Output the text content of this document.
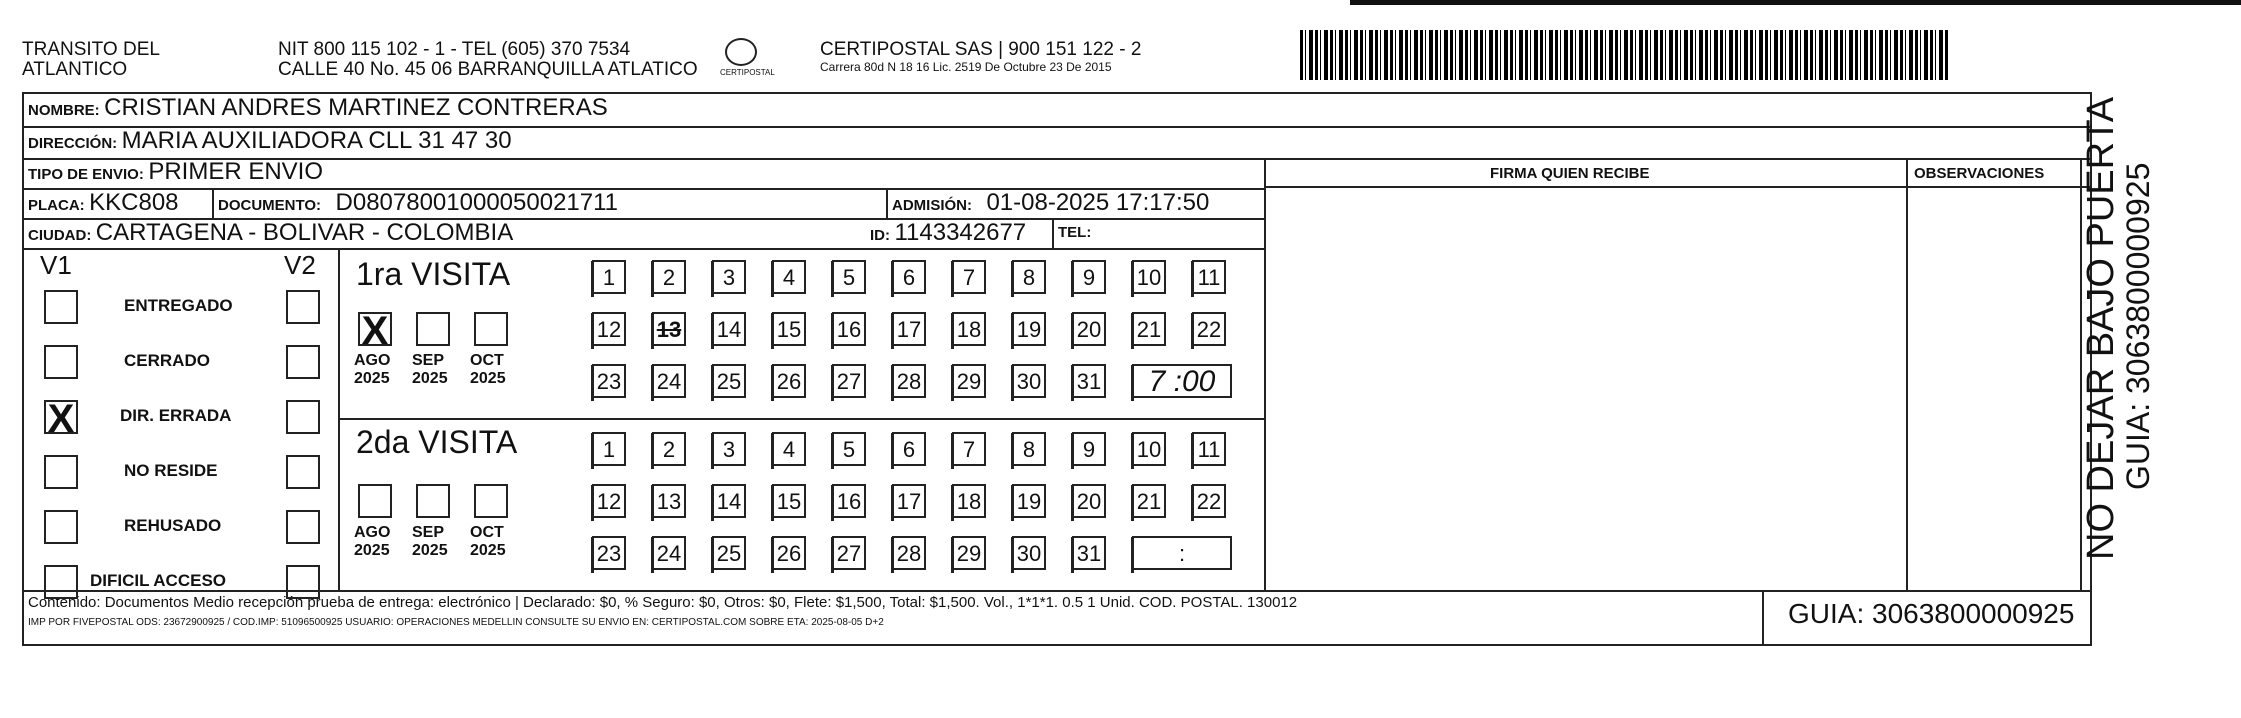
TRANSITO DEL
ATLANTICO
NIT 800 115 102 - 1 - TEL (605) 370 7534
CALLE 40 No. 45 06 BARRANQUILLA ATLATICO	CERTIPOSTAL
CERTIPOSTAL SAS | 900 151 122 - 2
Carrera 80d N 18 16 Lic. 2519 De Octubre 23 De 2015
NOMBRE: CRISTIAN ANDRES MARTINEZ CONTRERAS
DIRECCIÓN: MARIA AUXILIADORA CLL 31 47 30
TIPO DE ENVIO: PRIMER ENVIO	FIRMA QUIEN RECIBE	OBSERVACIONES
PLACA: KKC808	DOCUMENTO: D08078001000050021711	ADMISIÓN: 01-08-2025 17:17:50
CIUDAD: CARTAGENA - BOLIVAR - COLOMBIA	ID: 1143342677 TEL:
V1	V2 1ra VISITA
2da VISITA
Contenido: Documentos Medio recepción prueba de entrega: electrónico | Declarado: $0, % Seguro: $0, Otros: $0, Flete: $1,500, Total: $1,500. Vol., 1*1*1. 0.5 1 Unid. COD. POSTAL. 130012
IMP POR FIVEPOSTAL ODS: 23672900925 / COD.IMP: 51096500925 USUARIO: OPERACIONES MEDELLIN CONSULTE SU ENVIO EN: CERTIPOSTAL.COM SOBRE ETA: 2025-08-05 D+2	GUIA: 3063800000925
NO DEJAR BAJO PUERTA
GUIA: 3063800000925
ENTREGADO
CERRADO
X	DIR. ERRADA
NO RESIDE
REHUSADO
DIFICIL ACCESO
X
AGO
2025
SEP
2025
OCT
2025
AGO
2025
SEP
2025
OCT
2025
1	2	3	4	5	6	7	8	9	10 11
12 13 14 15 16 17 18 19 20 21 22
23 24 25 26 27 28 29 30 31	7 :00
1	2	3	4	5	6	7	8	9	10 11
12 13 14 15 16 17 18 19 20 21 22
23 24 25 26 27 28 29 30 31	:
